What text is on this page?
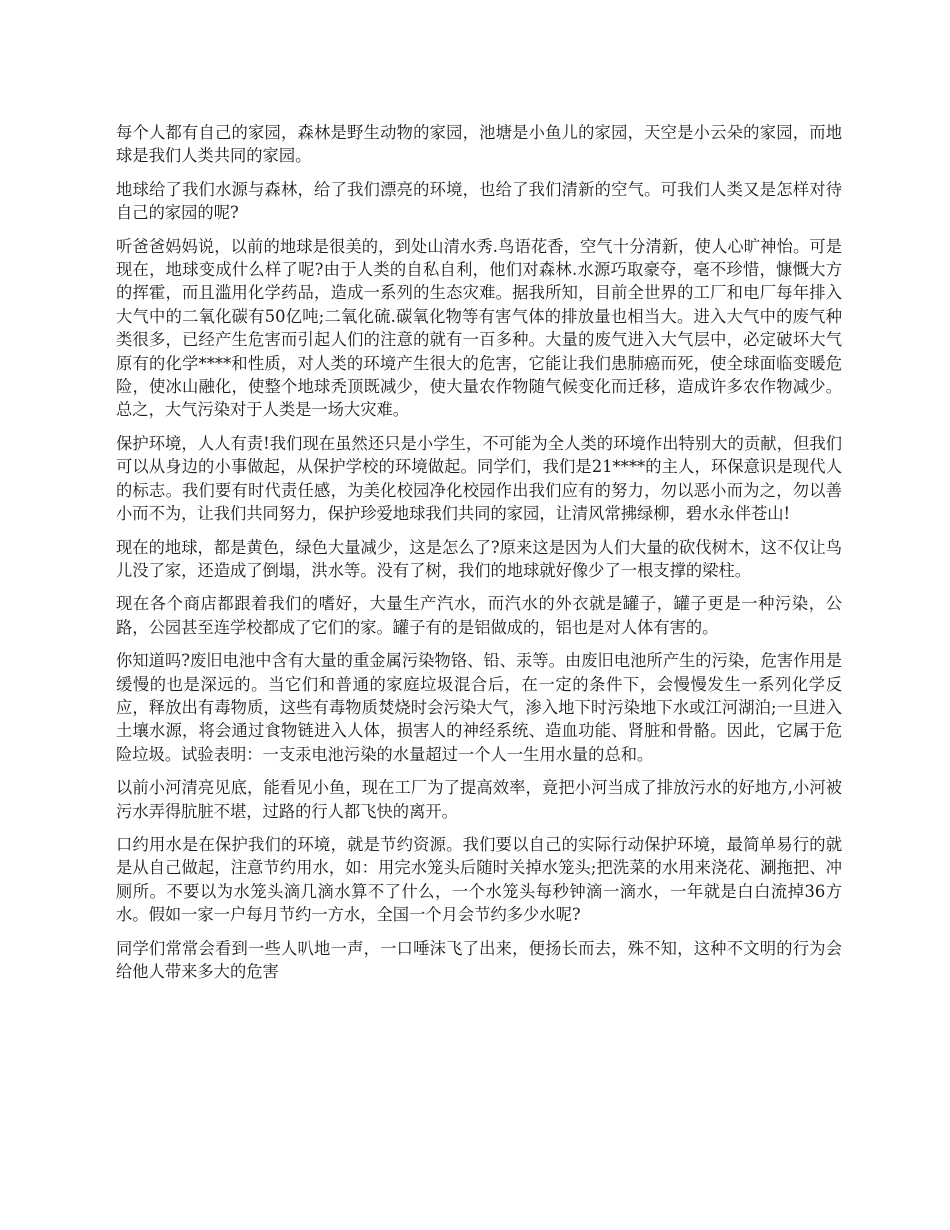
每个人都有自己的家园，森林是野生动物的家园，池塘是小鱼儿的家园，天空是小云朵的家园，而地球是我们人类共同的家园。

地球给了我们水源与森林，给了我们漂亮的环境，也给了我们清新的空气。可我们人类又是怎样对待自己的家园的呢?

听爸爸妈妈说，以前的地球是很美的，到处山清水秀.鸟语花香，空气十分清新，使人心旷神怡。可是现在，地球变成什么样了呢?由于人类的自私自利，他们对森林.水源巧取豪夺，毫不珍惜，慷慨大方的挥霍，而且滥用化学药品，造成一系列的生态灾难。据我所知，目前全世界的工厂和电厂每年排入大气中的二氧化碳有50亿吨;二氧化硫.碳氧化物等有害气体的排放量也相当大。进入大气中的废气种类很多，已经产生危害而引起人们的注意的就有一百多种。大量的废气进入大气层中，必定破坏大气原有的化学****和性质，对人类的环境产生很大的危害，它能让我们患肺癌而死，使全球面临变暖危险，使冰山融化，使整个地球秃顶既减少，使大量农作物随气候变化而迁移，造成许多农作物减少。总之，大气污染对于人类是一场大灾难。

保护环境，人人有责!我们现在虽然还只是小学生，不可能为全人类的环境作出特别大的贡献，但我们可以从身边的小事做起，从保护学校的环境做起。同学们，我们是21****的主人，环保意识是现代人的标志。我们要有时代责任感，为美化校园净化校园作出我们应有的努力，勿以恶小而为之，勿以善小而不为，让我们共同努力，保护珍爱地球我们共同的家园，让清风常拂绿柳，碧水永伴苍山!

现在的地球，都是黄色，绿色大量减少，这是怎么了?原来这是因为人们大量的砍伐树木，这不仅让鸟儿没了家，还造成了倒塌，洪水等。没有了树，我们的地球就好像少了一根支撑的梁柱。

现在各个商店都跟着我们的嗜好，大量生产汽水，而汽水的外衣就是罐子，罐子更是一种污染，公路，公园甚至连学校都成了它们的家。罐子有的是铝做成的，铝也是对人体有害的。

你知道吗?废旧电池中含有大量的重金属污染物铬、铅、汞等。由废旧电池所产生的污染，危害作用是缓慢的也是深远的。当它们和普通的家庭垃圾混合后，在一定的条件下，会慢慢发生一系列化学反应，释放出有毒物质，这些有毒物质焚烧时会污染大气，渗入地下时污染地下水或江河湖泊;一旦进入土壤水源，将会通过食物链进入人体，损害人的神经系统、造血功能、肾脏和骨骼。因此，它属于危险垃圾。试验表明：一支汞电池污染的水量超过一个人一生用水量的总和。

以前小河清亮见底，能看见小鱼，现在工厂为了提高效率，竟把小河当成了排放污水的好地方,小河被污水弄得肮脏不堪，过路的行人都飞快的离开。

口约用水是在保护我们的环境，就是节约资源。我们要以自己的实际行动保护环境，最简单易行的就是从自己做起，注意节约用水，如：用完水笼头后随时关掉水笼头;把洗菜的水用来浇花、涮拖把、冲厕所。不要以为水笼头滴几滴水算不了什么，一个水笼头每秒钟滴一滴水，一年就是白白流掉36方水。假如一家一户每月节约一方水，全国一个月会节约多少水呢?

同学们常常会看到一些人叭地一声，一口唾沫飞了出来，便扬长而去，殊不知，这种不文明的行为会给他人带来多大的危害
